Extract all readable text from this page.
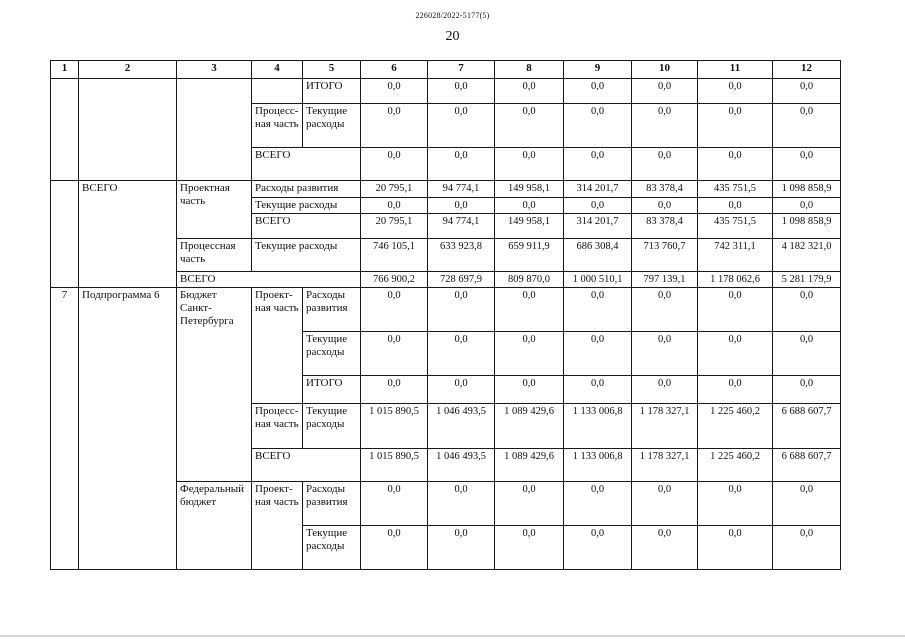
226028/2022-5177(5)
20
1	2	3	4	5	6	7	8	9	10	11	12
				ИТОГО	0,0	0,0	0,0	0,0	0,0	0,0	0,0
			Процесс-ная часть	Текущие расходы	0,0	0,0	0,0	0,0	0,0	0,0	0,0
			ВСЕГО		0,0	0,0	0,0	0,0	0,0	0,0	0,0
	ВСЕГО	Проектная часть	Расходы развития		20 795,1	94 774,1	149 958,1	314 201,7	83 378,4	435 751,5	1 098 858,9
			Текущие расходы		0,0	0,0	0,0	0,0	0,0	0,0	0,0
			ВСЕГО		20 795,1	94 774,1	149 958,1	314 201,7	83 378,4	435 751,5	1 098 858,9
		Процессная часть	Текущие расходы		746 105,1	633 923,8	659 911,9	686 308,4	713 760,7	742 311,1	4 182 321,0
		ВСЕГО			766 900,2	728 697,9	809 870,0	1 000 510,1	797 139,1	1 178 062,6	5 281 179,9
7	Подпрограмма 6	Бюджет Санкт-Петербурга	Проект-ная часть	Расходы развития	0,0	0,0	0,0	0,0	0,0	0,0	0,0
				Текущие расходы	0,0	0,0	0,0	0,0	0,0	0,0	0,0
				ИТОГО	0,0	0,0	0,0	0,0	0,0	0,0	0,0
			Процесс-ная часть	Текущие расходы	1 015 890,5	1 046 493,5	1 089 429,6	1 133 006,8	1 178 327,1	1 225 460,2	6 688 607,7
			ВСЕГО		1 015 890,5	1 046 493,5	1 089 429,6	1 133 006,8	1 178 327,1	1 225 460,2	6 688 607,7
		Федеральный бюджет	Проект-ная часть	Расходы развития	0,0	0,0	0,0	0,0	0,0	0,0	0,0
				Текущие расходы	0,0	0,0	0,0	0,0	0,0	0,0	0,0
